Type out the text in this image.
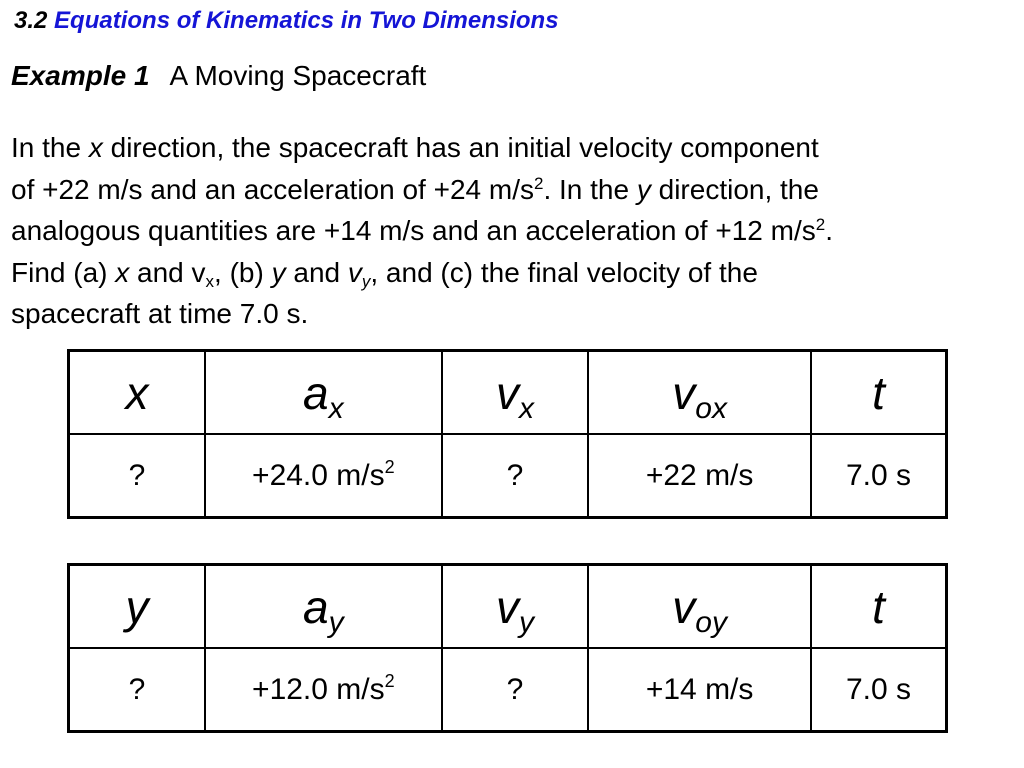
3.2 Equations of Kinematics in Two Dimensions
Example 1 A Moving Spacecraft
In the x direction, the spacecraft has an initial velocity component
of +22 m/s and an acceleration of +24 $m/s^2$. In the y direction, the
analogous quantities are +14 m/s and an acceleration of +12 $m/s^2$.
Find (a) x and $v_x$, (b) y and $v_y$, and (c) the final velocity of the
spacecraft at time 7.0 s.
x	$a_x$	$v_x$	$v_{ox}$	t
?	+24.0 $m/s^2$	?	+22 m/s	7.0 s
y	$a_y$	$v_y$	$v_{oy}$	t
?	+12.0 $m/s^2$	?	+14 m/s	7.0 s
